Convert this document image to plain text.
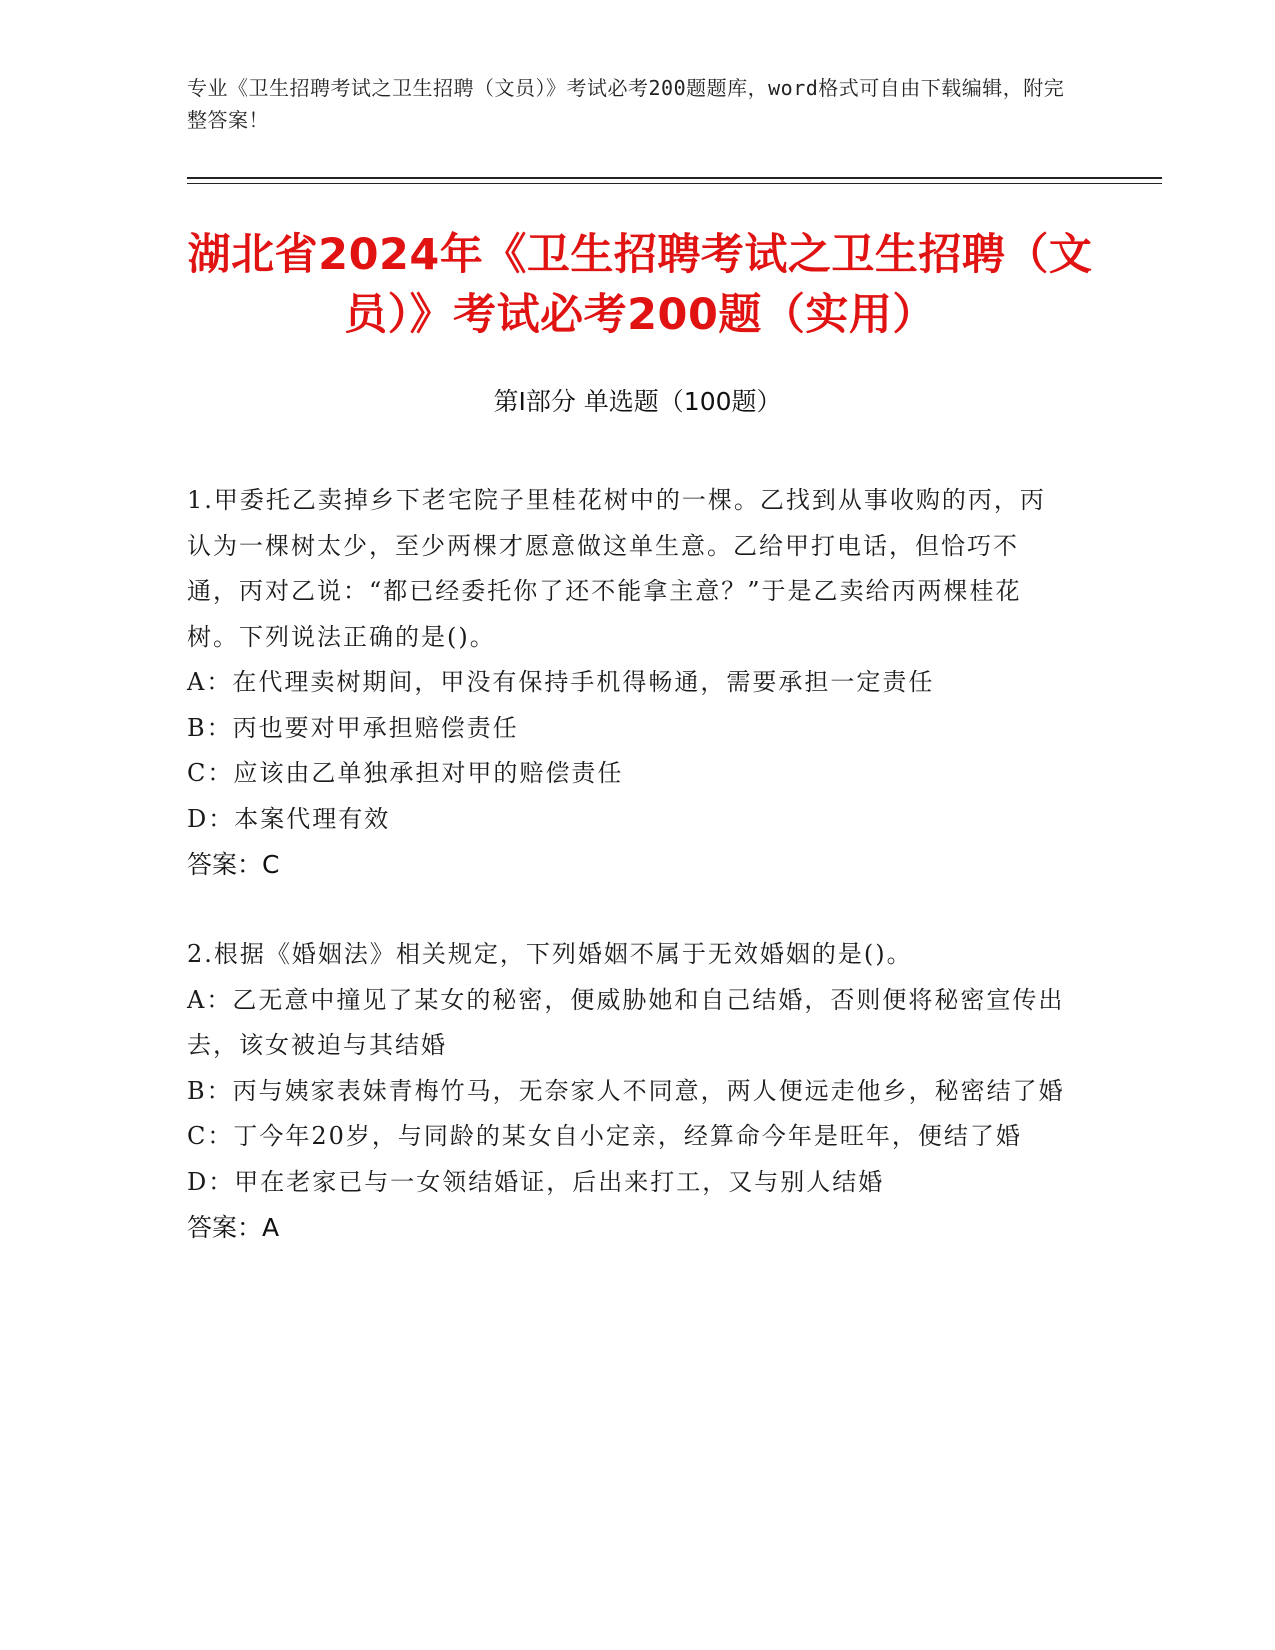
专业《卫生招聘考试之卫生招聘（文员）》考试必考200题题库，word格式可自由下载编辑，附完整答案！
湖北省2024年《卫生招聘考试之卫生招聘（文员）》考试必考200题（实用）
第Ⅰ部分 单选题（100题）
1.甲委托乙卖掉乡下老宅院子里桂花树中的一棵。乙找到从事收购的丙，丙认为一棵树太少，至少两棵才愿意做这单生意。乙给甲打电话，但恰巧不通，丙对乙说：“都已经委托你了还不能拿主意？”于是乙卖给丙两棵桂花树。下列说法正确的是()。
A：在代理卖树期间，甲没有保持手机得畅通，需要承担一定责任
B：丙也要对甲承担赔偿责任
C：应该由乙单独承担对甲的赔偿责任
D：本案代理有效
答案：C
2.根据《婚姻法》相关规定，下列婚姻不属于无效婚姻的是()。
A：乙无意中撞见了某女的秘密，便威胁她和自己结婚，否则便将秘密宣传出去，该女被迫与其结婚
B：丙与姨家表妹青梅竹马，无奈家人不同意，两人便远走他乡，秘密结了婚
C：丁今年20岁，与同龄的某女自小定亲，经算命今年是旺年，便结了婚
D：甲在老家已与一女领结婚证，后出来打工，又与别人结婚
答案：A
